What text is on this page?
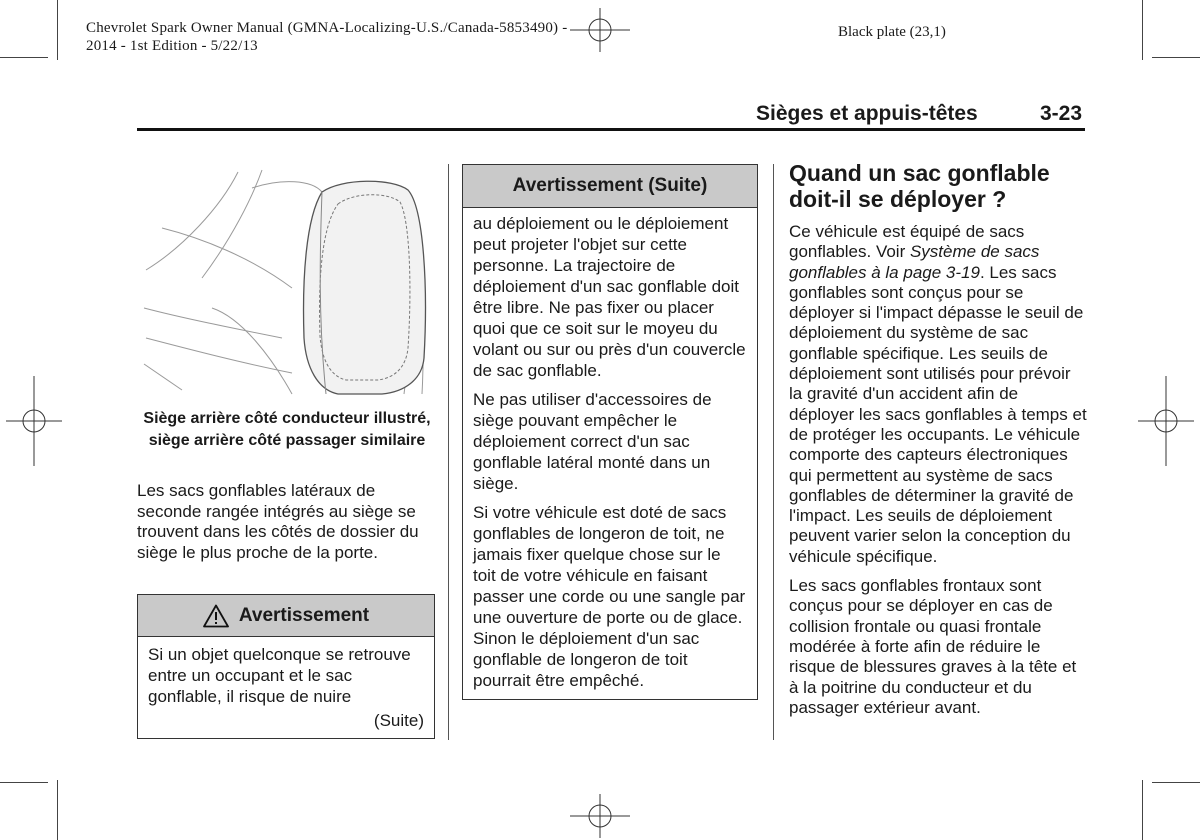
Chevrolet Spark Owner Manual (GMNA-Localizing-U.S./Canada-5853490) -
2014 - 1st Edition - 5/22/13
Black plate (23,1)
Sièges et appuis-têtes	3-23
Siège arrière côté conducteur illustré, siège arrière côté passager similaire
Les sacs gonflables latéraux de seconde rangée intégrés au siège se trouvent dans les côtés de dossier du siège le plus proche de la porte.
Avertissement
Si un objet quelconque se retrouve entre un occupant et le sac gonflable, il risque de nuire
(Suite)
Avertissement (Suite)

au déploiement ou le déploiement peut projeter l'objet sur cette personne. La trajectoire de déploiement d'un sac gonflable doit être libre. Ne pas fixer ou placer quoi que ce soit sur le moyeu du volant ou sur ou près d'un couvercle de sac gonflable.

Ne pas utiliser d'accessoires de siège pouvant empêcher le déploiement correct d'un sac gonflable latéral monté dans un siège.

Si votre véhicule est doté de sacs gonflables de longeron de toit, ne jamais fixer quelque chose sur le toit de votre véhicule en faisant passer une corde ou une sangle par une ouverture de porte ou de glace. Sinon le déploiement d'un sac gonflable de longeron de toit pourrait être empêché.

Quand un sac gonflable doit-il se déployer ?

Ce véhicule est équipé de sacs gonflables. Voir Système de sacs gonflables à la page 3-19. Les sacs gonflables sont conçus pour se déployer si l'impact dépasse le seuil de déploiement du système de sac gonflable spécifique. Les seuils de déploiement sont utilisés pour prévoir la gravité d'un accident afin de déployer les sacs gonflables à temps et de protéger les occupants. Le véhicule comporte des capteurs électroniques qui permettent au système de sacs gonflables de déterminer la gravité de l'impact. Les seuils de déploiement peuvent varier selon la conception du véhicule spécifique.

Les sacs gonflables frontaux sont conçus pour se déployer en cas de collision frontale ou quasi frontale modérée à forte afin de réduire le risque de blessures graves à la tête et à la poitrine du conducteur et du passager extérieur avant.
